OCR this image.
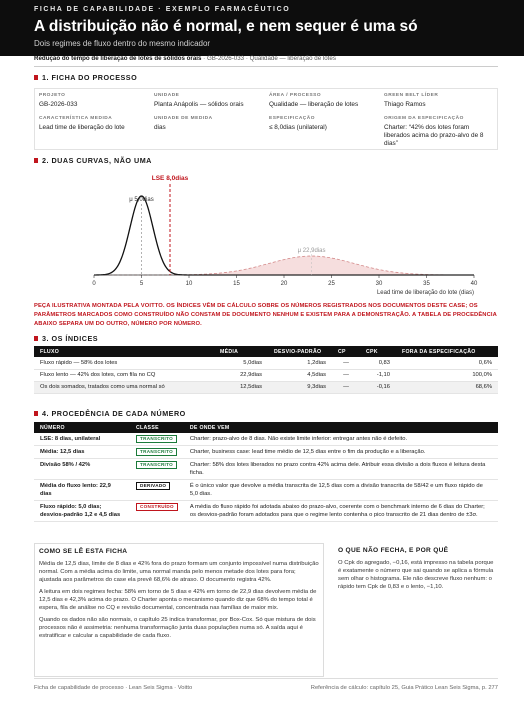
FICHA DE CAPABILIDADE · EXEMPLO FARMACÊUTICO
A distribuição não é normal, e nem sequer é uma só
Dois regimes de fluxo dentro do mesmo indicador
Redução do tempo de liberação de lotes de sólidos orais · GB-2026-033 · Qualidade — liberação de lotes
1. FICHA DO PROCESSO
PROJETO
GB-2026-033
UNIDADE
Planta Anápolis — sólidos orais
ÁREA / PROCESSO
Qualidade — liberação de lotes
GREEN BELT LÍDER
Thiago Ramos
CARACTERÍSTICA MEDIDA
Lead time de liberação do lote
UNIDADE DE MEDIDA
dias
ESPECIFICAÇÃO
≤ 8,0dias (unilateral)
ORIGEM DA ESPECIFICAÇÃO
Charter: “42% dos lotes foram liberados acima do prazo-alvo de 8 dias”
2. DUAS CURVAS, NÃO UMA
LSE 8,0dias
μ 5,0dias
μ 22,9dias
0	5	10	15	20	25	30	35	40
Lead time de liberação do lote (dias)
PEÇA ILUSTRATIVA MONTADA PELA VOITTO. OS ÍNDICES VÊM DE CÁLCULO SOBRE OS NÚMEROS REGISTRADOS NOS DOCUMENTOS DESTE CASE; OS PARÂMETROS MARCADOS COMO CONSTRUÍDO NÃO CONSTAM DE DOCUMENTO NENHUM E EXISTEM PARA A DEMONSTRAÇÃO. A TABELA DE PROCEDÊNCIA ABAIXO SEPARA UM DO OUTRO, NÚMERO POR NÚMERO.
3. OS ÍNDICES
FLUXO	MÉDIA	DESVIO-PADRÃO	CP	CPK	FORA DA ESPECIFICAÇÃO
Fluxo rápido — 58% dos lotes	5,0dias	1,2dias	—	0,83	0,6%
Fluxo lento — 42% dos lotes, com fila no CQ	22,9dias	4,5dias	—	-1,10	100,0%
Os dois somados, tratados como uma normal só	12,5dias	9,3dias	—	-0,16	68,6%
4. PROCEDÊNCIA DE CADA NÚMERO
NÚMERO	CLASSE	DE ONDE VEM
LSE: 8 dias, unilateral	TRANSCRITO	Charter: prazo-alvo de 8 dias. Não existe limite inferior: entregar antes não é defeito.
Média: 12,5 dias	TRANSCRITO	Charter, business case: lead time médio de 12,5 dias entre o fim da produção e a liberação.
Divisão 58% / 42%	TRANSCRITO	Charter: 58% dos lotes liberados no prazo contra 42% acima dele. Atribuir essa divisão a dois fluxos é leitura desta ficha.
Média do fluxo lento: 22,9 dias	DERIVADO	É o único valor que devolve a média transcrita de 12,5 dias com a divisão transcrita de 58/42 e um fluxo rápido de 5,0 dias.
Fluxo rápido: 5,0 dias; desvios-padrão 1,2 e 4,5 dias	CONSTRUÍDO	A média do fluxo rápido foi adotada abaixo do prazo-alvo, coerente com o benchmark interno de 6 dias do Charter; os desvios-padrão foram adotados para que o regime lento contenha o pico transcrito de 21 dias dentro de ±3σ.
COMO SE LÊ ESTA FICHA

Média de 12,5 dias, limite de 8 dias e 42% fora do prazo formam um conjunto impossível numa distribuição normal. Com a média acima do limite, uma normal manda pelo menos metade dos lotes para fora; ajustada aos parâmetros do case ela prevê 68,6% de atraso. O documento registra 42%.

A leitura em dois regimes fecha: 58% em torno de 5 dias e 42% em torno de 22,9 dias devolvem média de 12,5 dias e 42,3% acima do prazo. O Charter aponta o mecanismo quando diz que 68% do tempo total é espera, fila de análise no CQ e revisão documental, concentrada nas famílias de maior mix.

Quando os dados não são normais, o capítulo 25 indica transformar, por Box-Cox. Só que mistura de dois processos não é assimetria: nenhuma transformação junta duas populações numa só. A saída aqui é estratificar e calcular a capabilidade de cada fluxo.

O QUE NÃO FECHA, E POR QUÊ

O Cpk do agregado, −0,16, está impresso na tabela porque é exatamente o número que sai quando se aplica a fórmula sem olhar o histograma. Ele não descreve fluxo nenhum: o rápido tem Cpk de 0,83 e o lento, −1,10.

Ficha de capabilidade de processo · Lean Seis Sigma · Voitto	Referência de cálculo: capítulo 25, Guia Prático Lean Seis Sigma, p. 277
